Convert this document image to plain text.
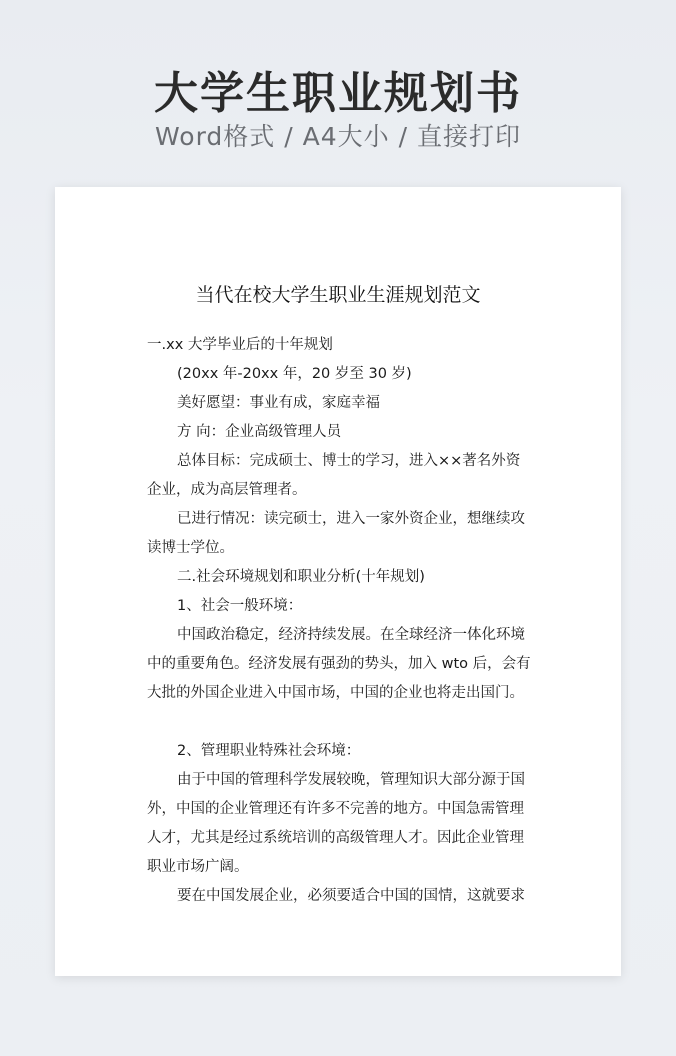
大学生职业规划书
Word格式 / A4大小 / 直接打印
当代在校大学生职业生涯规划范文

一.xx 大学毕业后的十年规划

(20xx 年-20xx 年，20 岁至 30 岁)

美好愿望：事业有成，家庭幸福

方 向：企业高级管理人员

总体目标：完成硕士、博士的学习，进入××著名外资企业，成为高层管理者。

已进行情况：读完硕士，进入一家外资企业，想继续攻读博士学位。

二.社会环境规划和职业分析(十年规划)

1、社会一般环境：

中国政治稳定，经济持续发展。在全球经济一体化环境中的重要角色。经济发展有强劲的势头，加入 wto 后，会有大批的外国企业进入中国市场，中国的企业也将走出国门。

2、管理职业特殊社会环境：

由于中国的管理科学发展较晚，管理知识大部分源于国外，中国的企业管理还有许多不完善的地方。中国急需管理人才，尤其是经过系统培训的高级管理人才。因此企业管理职业市场广阔。

要在中国发展企业，必须要适合中国的国情，这就要求
